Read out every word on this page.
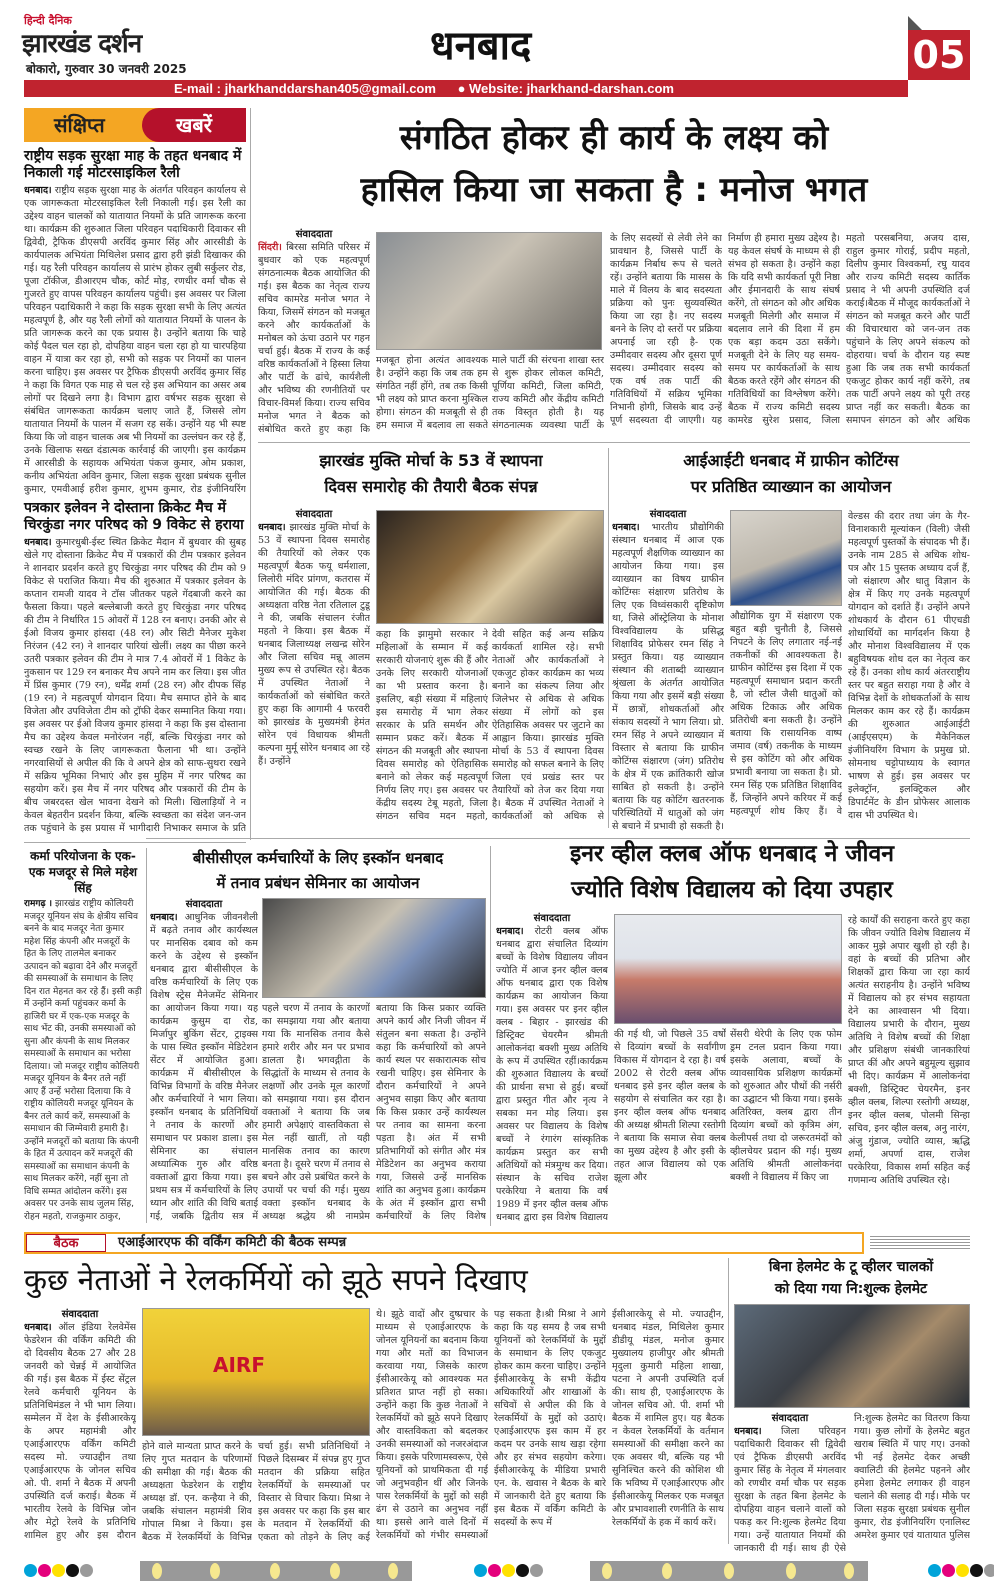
हिन्दी दैनिक
झारखंड दर्शन
बोकारो, गुरुवार 30 जनवरी 2025	धनबाद	05
E-mail : jharkhanddarshan405@gmail.com ● Website: jharkhand-darshan.com
संक्षिप्त	खबरें
राष्ट्रीय सड़क सुरक्षा माह के तहत धनबाद में निकाली गई मोटरसाइकिल रैली
धनबाद। राष्ट्रीय सड़क सुरक्षा माह के अंतर्गत परिवहन कार्यालय से एक जागरूकता मोटरसाइकिल रैली निकाली गई। इस रैली का उद्देश्य वाहन चालकों को यातायात नियमों के प्रति जागरूक करना था। कार्यक्रम की शुरुआत जिला परिवहन पदाधिकारी दिवाकर सी द्विवेदी, ट्रैफिक डीएसपी अरविंद कुमार सिंह और आरसीडी के कार्यपालक अभियंता मिथिलेश प्रसाद द्वारा हरी झंडी दिखाकर की गई। यह रैली परिवहन कार्यालय से प्रारंभ होकर लुबी सर्कुलर रोड, पूजा टॉकीज, डीआरएम चौक, कोर्ट मोड़, रणधीर वर्मा चौक से गुजरते हुए वापस परिवहन कार्यालय पहुंची। इस अवसर पर जिला परिवहन पदाधिकारी ने कहा कि सड़क सुरक्षा सभी के लिए अत्यंत महत्वपूर्ण है, और यह रैली लोगों को यातायात नियमों के पालन के प्रति जागरूक करने का एक प्रयास है। उन्होंने बताया कि चाहे कोई पैदल चल रहा हो, दोपहिया वाहन चला रहा हो या चारपहिया वाहन में यात्रा कर रहा हो, सभी को सड़क पर नियमों का पालन करना चाहिए। इस अवसर पर ट्रैफिक डीएसपी अरविंद कुमार सिंह ने कहा कि विगत एक माह से चल रहे इस अभियान का असर अब लोगों पर दिखने लगा है। विभाग द्वारा वर्षभर सड़क सुरक्षा से संबंधित जागरूकता कार्यक्रम चलाए जाते हैं, जिससे लोग यातायात नियमों के पालन में सजग रह सकें। उन्होंने यह भी स्पष्ट किया कि जो वाहन चालक अब भी नियमों का उल्लंघन कर रहे हैं, उनके खिलाफ सख्त दंडात्मक कार्रवाई की जाएगी। इस कार्यक्रम में आरसीडी के सहायक अभियंता पंकज कुमार, ओम प्रकाश, कनीय अभियंता अविन कुमार, जिला सड़क सुरक्षा प्रबंधक सुनील कुमार, एमवीआई हरीश कुमार, शुभम कुमार, रोड इंजीनियरिंग
पत्रकार इलेवन ने दोस्ताना क्रिकेट मैच में चिरकुंडा नगर परिषद को 9 विकेट से हराया
धनबाद। कुमारधुबी-ईस्ट स्थित क्रिकेट मैदान में बुधवार की सुबह खेले गए दोस्ताना क्रिकेट मैच में पत्रकारों की टीम पत्रकार इलेवन ने शानदार प्रदर्शन करते हुए चिरकुंडा नगर परिषद की टीम को 9 विकेट से पराजित किया। मैच की शुरुआत में पत्रकार इलेवन के कप्तान रामजी यादव ने टॉस जीतकर पहले गेंदबाजी करने का फैसला किया। पहले बल्लेबाजी करते हुए चिरकुंडा नगर परिषद की टीम ने निर्धारित 15 ओवरों में 128 रन बनाए। उनकी ओर से ईओ विजय कुमार हांसदा (48 रन) और सिटी मैनेजर मुकेश निरंजन (42 रन) ने शानदार पारियां खेलीं। लक्ष्य का पीछा करने उतरी पत्रकार इलेवन की टीम ने मात्र 7.4 ओवरों में 1 विकेट के नुकसान पर 129 रन बनाकर मैच अपने नाम कर लिया। इस जीत में प्रिंस कुमार (79 रन), धर्मेंद्र शर्मा (28 रन) और दीपक सिंह (19 रन) ने महत्वपूर्ण योगदान दिया। मैच समाप्त होने के बाद विजेता और उपविजेता टीम को ट्रॉफी देकर सम्मानित किया गया। इस अवसर पर ईओ विजय कुमार हांसदा ने कहा कि इस दोस्ताना मैच का उद्देश्य केवल मनोरंजन नहीं, बल्कि चिरकुंडा नगर को स्वच्छ रखने के लिए जागरूकता फैलाना भी था। उन्होंने नगरवासियों से अपील की कि वे अपने क्षेत्र को साफ-सुथरा रखने में सक्रिय भूमिका निभाएं और इस मुहिम में नगर परिषद का सहयोग करें। इस मैच में नगर परिषद और पत्रकारों की टीम के बीच जबरदस्त खेल भावना देखने को मिली। खिलाड़ियों ने न केवल बेहतरीन प्रदर्शन किया, बल्कि स्वच्छता का संदेश जन-जन तक पहुंचाने के इस प्रयास में भागीदारी निभाकर समाज के प्रति
कर्मा परियोजना के एक-एक मजदूर से मिले महेश सिंह
रामगढ़ । झारखंड राष्ट्रीय कोलियरी मजदूर यूनियन संघ के क्षेत्रीय सचिव बनने के बाद मजदूर नेता कुमार महेश सिंह कंपनी और मजदूरों के हित के लिए तालमेल बनाकर उत्पादन को बढ़ावा देने और मजदूरों की समस्याओं के समाधान के लिए दिन रात मेहनत कर रहे हैं। इसी कड़ी में उन्होंने कर्मा पहुंचकर कर्मा के हाजिरी घर में एक-एक मजदूर के साथ भेंट की, उनकी समस्याओं को सुना और कंपनी के साथ मिलकर समस्याओं के समाधान का भरोसा दिलाया। जो मजदूर राष्ट्रीय कोलियरी मजदूर यूनियन के बैनर तले नहीं आए हैं उन्हें भरोसा दिलाया कि वे राष्ट्रीय कोलियरी मजदूर यूनियन के बैनर तले कार्य करें, समस्याओं के समाधान की जिम्मेवारी हमारी है। उन्होंने मजदूरों को बताया कि कंपनी के हित में उत्पादन करें मजदूरों की समस्याओं का समाधान कंपनी के साथ मिलकर करेंगे, नहीं सुना तो विधि सम्मत आंदोलन करेंगे। इस अवसर पर उनके साथ जुलम सिंह, रोहन महतो, राजकुमार ठाकुर,
संगठित होकर ही कार्य के लक्ष्य को
हासिल किया जा सकता है : मनोज भगत
संवाददाता
सिंदरी। बिरसा समिति परिसर में बुधवार को एक महत्वपूर्ण संगठनात्मक बैठक आयोजित की गई। इस बैठक का नेतृत्व राज्य सचिव कामरेड मनोज भगत ने किया, जिसमें संगठन को मजबूत करने और कार्यकर्ताओं के मनोबल को ऊंचा उठाने पर गहन चर्चा हुई। बैठक में राज्य के कई वरिष्ठ कार्यकर्ताओं ने हिस्सा लिया और पार्टी के ढांचे, कार्यशैली और भविष्य की रणनीतियों पर विचार-विमर्श किया। राज्य सचिव मनोज भगत ने बैठक को संबोधित करते हुए कहा कि
मजबूत होना अत्यंत आवश्यक है। उन्होंने कहा कि जब तक हम संगठित नहीं होंगे, तब तक किसी भी लक्ष्य को प्राप्त करना मुश्किल होगा। संगठन की मजबूती से ही हम समाज में बदलाव ला सकते
माले पार्टी की संरचना शाखा स्तर से शुरू होकर लोकल कमिटी, पूर्णिया कमिटी, जिला कमिटी, राज्य कमिटी और केंद्रीय कमिटी तक विस्तृत होती है। यह संगठनात्मक व्यवस्था पार्टी के
के लिए सदस्यों से लेवी लेने का प्रावधान है, जिससे पार्टी के कार्यक्रम निर्बाध रूप से चलते रहें। उन्होंने बताया कि मासस के माले में विलय के बाद सदस्यता प्रक्रिया को पुनः सुव्यवस्थित किया जा रहा है। नए सदस्य बनने के लिए दो स्तरों पर प्रक्रिया अपनाई जा रही है- एक उम्मीदवार सदस्य और दूसरा पूर्ण सदस्य। उम्मीदवार सदस्य को एक वर्ष तक पार्टी की गतिविधियों में सक्रिय भूमिका निभानी होगी, जिसके बाद उन्हें पूर्ण सदस्यता दी जाएगी। यह
निर्माण ही हमारा मुख्य उद्देश्य है। यह केवल संघर्ष के माध्यम से ही संभव हो सकता है। उन्होंने कहा कि यदि सभी कार्यकर्ता पूरी निष्ठा और ईमानदारी के साथ संघर्ष करेंगे, तो संगठन को और अधिक मजबूती मिलेगी और समाज में बदलाव लाने की दिशा में हम एक बड़ा कदम उठा सकेंगे। मजबूती देने के लिए यह समय-समय पर कार्यकर्ताओं के साथ बैठक करते रहेंगे और संगठन की गतिविधियों का विश्लेषण करेंगे। बैठक में राज्य कमिटी सदस्य कामरेड सुरेश प्रसाद, जिला
महतो परसबनिया, अजय दास, राहुल कुमार गोराई, प्रदीप महतो, दिलीप कुमार विश्वकर्मा, रघु यादव और राज्य कमिटी सदस्य कार्तिक प्रसाद ने भी अपनी उपस्थिति दर्ज कराई।बैठक में मौजूद कार्यकर्ताओं ने संगठन को मजबूत करने और पार्टी की विचारधारा को जन-जन तक पहुंचाने के लिए अपने संकल्प को दोहराया। चर्चा के दौरान यह स्पष्ट हुआ कि जब तक सभी कार्यकर्ता एकजुट होकर कार्य नहीं करेंगे, तब तक पार्टी अपने लक्ष्य को पूरी तरह प्राप्त नहीं कर सकती। बैठक का समापन संगठन को और अधिक
झारखंड मुक्ति मोर्चा के 53 वें स्थापना
दिवस समारोह की तैयारी बैठक संपन्न
संवाददाता
धनबाद। झारखंड मुक्ति मोर्चा के 53 वें स्थापना दिवस समारोह की तैयारियों को लेकर एक महत्वपूर्ण बैठक फयू धर्मशाला, लिलोरी मंदिर प्रांगण, कतरास में आयोजित की गई। बैठक की अध्यक्षता वरिष्ठ नेता रतिलाल टुडू ने की, जबकि संचालन रंजीत महतो ने किया। इस बैठक में धनबाद जिलाध्यक्ष लखन्द्र सोरेन और जिला सचिव मन्नू आलम मुख्य रूप से उपस्थित रहे। बैठक में उपस्थित नेताओं ने कार्यकर्ताओं को संबोधित करते हुए कहा कि आगामी 4 फरवरी को झारखंड के मुख्यमंत्री हेमंत सोरेन एवं विधायक श्रीमती कल्पना मुर्मू सोरेन धनबाद आ रहे हैं। उन्होंने
कहा कि झामुमो सरकार ने महिलाओं के सम्मान में कई सरकारी योजनाएं शुरू की हैं और उनके लिए सरकारी योजनाओं का भी प्रस्ताव करना है। इसलिए, बड़ी संख्या में महिलाएं इस समारोह में भाग लेकर सरकार के प्रति समर्थन और सम्मान प्रकट करें। बैठक में संगठन की मजबूती और स्थापना दिवस समारोह को ऐतिहासिक बनाने को लेकर कई महत्वपूर्ण निर्णय लिए गए। इस अवसर पर केंद्रीय सदस्य टेबू महतो, जिला संगठन सचिव मदन महतो,
देवी सहित कई अन्य सक्रिय कार्यकर्ता शामिल रहे। सभी नेताओं और कार्यकर्ताओं ने एकजुट होकर कार्यक्रम का भव्य बनाने का संकल्प लिया और जिलेभर से अधिक से अधिक संख्या में लोगों को इस ऐतिहासिक अवसर पर जुटाने का आह्वान किया। झारखंड मुक्ति मोर्चा के 53 वें स्थापना दिवस समारोह को सफल बनाने के लिए जिला एवं प्रखंड स्तर पर तैयारियों को तेज कर दिया गया है। बैठक में उपस्थित नेताओं ने कार्यकर्ताओं को अधिक से
आईआईटी धनबाद में ग्राफीन कोटिंग्स
पर प्रतिष्ठित व्याख्यान का आयोजन
संवाददाता
धनबाद। भारतीय प्रौद्योगिकी संस्थान धनबाद में आज एक महत्वपूर्ण शैक्षणिक व्याख्यान का आयोजन किया गया। इस व्याख्यान का विषय ग्राफीन कोटिंग्सः संक्षारण प्रतिरोध के लिए एक विध्वंसकारी दृष्टिकोण था, जिसे ऑस्ट्रेलिया के मोनाश विश्वविद्यालय के प्रसिद्ध शिक्षाविद प्रोफेसर रमन सिंह ने प्रस्तुत किया। यह व्याख्यान संस्थान की शताब्दी व्याख्यान श्रृंखला के अंतर्गत आयोजित किया गया और इसमें बड़ी संख्या में छात्रों, शोधकर्ताओं और संकाय सदस्यों ने भाग लिया। प्रो. रमन सिंह ने अपने व्याख्यान में विस्तार से बताया कि ग्राफीन कोटिंग्स संक्षारण (जंग) प्रतिरोध के क्षेत्र में एक क्रांतिकारी खोज साबित हो सकती है। उन्होंने बताया कि यह कोटिंग खतरनाक परिस्थितियों में धातुओं को जंग से बचाने में प्रभावी हो सकती है।
औद्योगिक युग में संक्षारण एक बहुत बड़ी चुनौती है, जिससे निपटने के लिए लगातार नई-नई तकनीकों की आवश्यकता है। ग्राफीन कोटिंग्स इस दिशा में एक महत्वपूर्ण समाधान प्रदान करती है, जो स्टील जैसी धातुओं को अधिक टिकाऊ और अधिक प्रतिरोधी बना सकती है। उन्होंने बताया कि रासायनिक वाष्प जमाव (वर्ष) तकनीक के माध्यम से इस कोटिंग को और अधिक प्रभावी बनाया जा सकता है। प्रो. रमन सिंह एक प्रतिष्ठित शिक्षाविद हैं, जिन्होंने अपने करियर में कई महत्वपूर्ण शोध किए हैं। वे
वेल्डस की दरार तथा जंग के गैर-विनाशकारी मूल्यांकन (विली) जैसी महत्वपूर्ण पुस्तकों के संपादक भी हैं। उनके नाम 285 से अधिक शोध-पत्र और 15 पुस्तक अध्याय दर्ज हैं, जो संक्षारण और धातु विज्ञान के क्षेत्र में किए गए उनके महत्वपूर्ण योगदान को दर्शाते हैं। उन्होंने अपने शोधकार्य के दौरान 61 पीएचडी शोधार्थियों का मार्गदर्शन किया है और मोनाश विश्वविद्यालय में एक बहुविषयक शोध दल का नेतृत्व कर रहे हैं। उनका शोध कार्य अंतरराष्ट्रीय स्तर पर बहुत सराहा गया है और वे विभिन्न देशों के शोधकर्ताओं के साथ मिलकर काम कर रहे हैं। कार्यक्रम की शुरुआत आईआईटी (आईएसएम) के मैकेनिकल इंजीनियरिंग विभाग के प्रमुख प्रो. सोमनाथ चट्टोपाध्याय के स्वागत भाषण से हुई। इस अवसर पर इलेक्ट्रॉन, इलक्ट्रिकल और डिपार्टमेंट के डीन प्रोफेसर आलाक दास भी उपस्थित थे।
बीसीसीएल कर्मचारियों के लिए इस्कॉन धनबाद
में तनाव प्रबंधन सेमिनार का आयोजन
संवाददाता
धनबाद। आधुनिक जीवनशैली में बढ़ते तनाव और कार्यस्थल पर मानसिक दबाव को कम करने के उद्देश्य से इस्कॉन धनबाद द्वारा बीसीसीएल के वरिष्ठ कर्मचारियों के लिए एक विशेष स्ट्रेस मैनेजमेंट सेमिनार का आयोजन किया गया। यह कार्यक्रम कुसुम दा रोड, मिर्जापुर बुकिंग सेंटर, ट्राइक्स के पास स्थित इस्कॉन मेडिटेशन सेंटर में आयोजित हुआ। कार्यक्रम में बीसीसीएल के विभिन्न विभागों के वरिष्ठ मैनेजर और कर्मचारियों ने भाग लिया। इस्कॉन धनबाद के प्रतिनिधियों ने तनाव के कारणों और समाधान पर प्रकाश डाला। इस सेमिनार का संचालन अध्यात्मिक गुरु और वरिष्ठ वक्ताओं द्वारा किया गया। इस प्रथम सत्र में कर्मचारियों के लिए ध्यान और शांति की विधि बताई गई, जबकि द्वितीय सत्र में
पहले चरण में तनाव के कारणों का समझाया गया और बताया गया कि मानसिक तनाव कैसे हमारे शरीर और मन पर प्रभाव डालता है। भगवद्गीता के सिद्धांतों के माध्यम से तनाव के लक्षणों और उनके मूल कारणों को समझाया गया। इस दौरान वक्ताओं ने बताया कि जब हमारी अपेक्षाएं वास्तविकता से मेल नहीं खातीं, तो यही मानसिक तनाव का कारण बनता है। दूसरे चरण में तनाव से बचने और उसे प्रबंधित करने के उपायों पर चर्चा की गई। मुख्य वक्ता इस्कॉन धनबाद के अध्यक्ष श्रद्धेय श्री नामप्रेम
बताया कि किस प्रकार व्यक्ति अपने कार्य और निजी जीवन में संतुलन बना सकता है। उन्होंने कहा कि कर्मचारियों को अपने कार्य स्थल पर सकारात्मक सोच रखनी चाहिए। इस सेमिनार के दौरान कर्मचारियों ने अपने अनुभव साझा किए और बताया कि किस प्रकार उन्हें कार्यस्थल पर तनाव का सामना करना पड़ता है। अंत में सभी प्रतिभागियों को संगीत और मंत्र मेडिटेशन का अनुभव कराया गया, जिससे उन्हें मानसिक शांति का अनुभव हुआ। कार्यक्रम के अंत में इस्कॉन द्वारा सभी कर्मचारियों के लिए विशेष
इनर व्हील क्लब ऑफ धनबाद ने जीवन
ज्योति विशेष विद्यालय को दिया उपहार
संवाददाता
धनबाद। रोटरी क्लब ऑफ धनबाद द्वारा संचालित दिव्यांग बच्चों के विशेष विद्यालय जीवन ज्योति में आज इनर व्हील क्लब ऑफ धनबाद द्वारा एक विशेष कार्यक्रम का आयोजन किया गया। इस अवसर पर इनर व्हील क्लब - बिहार - झारखंड की डिस्ट्रिक्ट चेयरमैन श्रीमती आलोकनंदा बक्शी मुख्य अतिथि के रूप में उपस्थित रहीं।कार्यक्रम की शुरुआत विद्यालय के बच्चों की प्रार्थना सभा से हुई। बच्चों द्वारा प्रस्तुत गीत और नृत्य ने सबका मन मोह लिया। इस अवसर पर विद्यालय के विशेष बच्चों ने रंगारंग सांस्कृतिक कार्यक्रम प्रस्तुत कर सभी अतिथियों को मंत्रमुग्ध कर दिया। संस्थान के सचिव राजेश परकेरिया ने बताया कि वर्ष 1989 में इनर व्हील क्लब ऑफ धनबाद द्वारा इस विशेष विद्यालय
की गई थी, जो पिछले 35 वर्षों से दिव्यांग बच्चों के सर्वांगीण विकास में योगदान दे रहा है। वर्ष 2002 से रोटरी क्लब ऑफ धनबाद इसे इनर व्हील क्लब के सहयोग से संचालित कर रहा है। इनर व्हील क्लब ऑफ धनबाद की अध्यक्ष श्रीमती शिल्पा रस्तोगी ने बताया कि समाज सेवा क्लब का मुख्य उद्देश्य है और इसी के तहत आज विद्यालय को एक झूला और
सेंसरी थेरेपी के लिए एक फोम ड्रम टनल प्रदान किया गया। इसके अलावा, बच्चों के व्यावसायिक प्रशिक्षण कार्यक्रमों को शुरुआत और पौधों की नर्सरी का उद्घाटन भी किया गया। इसके अतिरिक्त, क्लब द्वारा तीन दिव्यांग बच्चों को कृत्रिम अंग, केलीपर्स तथा दो जरूरतमंदों को व्हीलचेयर प्रदान की गई। मुख्य अतिथि श्रीमती आलोकनंदा बक्शी ने विद्यालय में किए जा
रहे कार्यों की सराहना करते हुए कहा कि जीवन ज्योति विशेष विद्यालय में आकर मुझे अपार खुशी हो रही है। वहां के बच्चों की प्रतिभा और शिक्षकों द्वारा किया जा रहा कार्य अत्यंत सराहनीय है। उन्होंने भविष्य में विद्यालय को हर संभव सहायता देने का आश्वासन भी दिया। विद्यालय प्रभारी के दौरान, मुख्य अतिथि ने विशेष बच्चों की शिक्षा और प्रशिक्षण संबंधी जानकारियां प्राप्त कीं और अपने बहुमूल्य सुझाव भी दिए। कार्यक्रम में आलोकनंदा बक्शी, डिस्ट्रिक्ट चेयरमैन, इनर व्हील क्लब, शिल्पा रस्तोगी अध्यक्ष, इनर व्हील क्लब, पोलमी सिन्हा सचिव, इनर व्हील क्लब, अनु नारंग, अंजु गुंडाज, ज्योति व्यास, ऋद्धि शर्मा, अपर्णा दास, राजेश परकेरिया, विकास शर्मा सहित कई गणमान्य अतिथि उपस्थित रहे।
बैठक	एआईआरएफ की वर्किंग कमिटी की बैठक सम्पन्न
कुछ नेताओं ने रेलकर्मियों को झूठे सपने दिखाए
संवाददाता
धनबाद। ऑल इंडिया रेलवेमेंस फेडरेशन की वर्किंग कमिटी की दो दिवसीय बैठक 27 और 28 जनवरी को चेन्नई में आयोजित की गई। इस बैठक में ईस्ट सेंट्रल रेलवे कर्मचारी यूनियन के प्रतिनिधिमंडल ने भी भाग लिया। सम्मेलन में देश के ईसीआरकेयू के अपर महामंत्री और एआईआरएफ वर्किंग कमिटी सदस्य मो. ज्याउद्दीन तथा एआईआरएफ के जोनल सचिव ओ. पी. शर्मा ने बैठक में अपनी उपस्थिति दर्ज कराई। बैठक में भारतीय रेलवे के विभिन्न जोन और मेट्रो रेलवे के प्रतिनिधि शामिल हुए और इस दौरान
AIRF
होने वाले मान्यता प्राप्त करने के लिए गुप्त मतदान के परिणामों की समीक्षा की गई। बैठक की अध्यक्षता फेडरेशन के राष्ट्रीय अध्यक्ष डॉ. एन. कन्हैया ने की, जबकि संचालन महामंत्री शिव गोपाल मिश्रा ने किया। इस बैठक में रेलकर्मियों के विभिन्न
चर्चा हुई। सभी प्रतिनिधियों ने पिछले दिसम्बर में संपन्न हुए गुप्त मतदान की प्रक्रिया सहित रेलकर्मियों के समस्याओं पर विस्तार से विचार किया। मिश्रा ने इस अवसर पर कहा कि इस बार के मतदान में रेलकर्मियों की एकता को तोड़ने के लिए कई
थे। झूठे वादों और दुष्प्रचार के माध्यम से एआईआरएफ के जोनल यूनियनों का बदनाम किया गया और मतों का विभाजन करवाया गया, जिसके कारण ईसीआरकेयू को आवश्यक मत प्रतिशत प्राप्त नहीं हो सका। उन्होंने कहा कि कुछ नेताओं ने रेलकर्मियों को झूठे सपने दिखाए और वास्तविकता को बदलकर उनकी समस्याओं को नजरअंदाज किया। इसके परिणामस्वरूप, ऐसे यूनियनों को प्राथमिकता दी गई जो अनुभवहीन थीं और जिनके पास रेलकर्मियों के मुद्दों को सही ढंग से उठाने का अनुभव नहीं था। इससे आने वाले दिनों में रेलकर्मियों को गंभीर समस्याओं
पड़ सकता है।श्री मिश्रा ने आगे कहा कि यह समय है जब सभी यूनियनों को रेलकर्मियों के मुद्दों के समाधान के लिए एकजुट होकर काम करना चाहिए। उन्होंने ईसीआरकेयू के सभी केंद्रीय अधिकारियों और शाखाओं के सचिवों से अपील की कि वे रेलकर्मियों के मुद्दों को उठाएं। एआईआरएफ इस काम में हर कदम पर उनके साथ खड़ा रहेगा और हर संभव सहयोग करेगा। ईसीआरकेयू के मीडिया प्रभारी एन. के. खवास ने बैठक के बारे में जानकारी देते हुए बताया कि इस बैठक में वर्किंग कमिटी के सदस्यों के रूप में
ईसीआरकेयू से मो. ज्याउद्दीन, धनबाद मंडल, मिथिलेश कुमार डीडीयू मंडल, मनोज कुमार मुख्यालय हाजीपुर और श्रीमती मृदुला कुमारी महिला शाखा, पटना ने अपनी उपस्थिति दर्ज की। साथ ही, एआईआरएफ के जोनल सचिव ओ. पी. शर्मा भी बैठक में शामिल हुए। यह बैठक न केवल रेलकर्मियों के वर्तमान समस्याओं की समीक्षा करने का एक अवसर थी, बल्कि यह भी सुनिश्चित करने की कोशिश थी कि भविष्य में एआईआरएफ और ईसीआरकेयू मिलकर एक मजबूत और प्रभावशाली रणनीति के साथ रेलकर्मियों के हक में कार्य करें।
बिना हेलमेट के टू व्हीलर चालकों
को दिया गया नि:शुल्क हेलमेट
संवाददाता
धनबाद। जिला परिवहन पदाधिकारी दिवाकर सी द्विवेदी एवं ट्रैफिक डीएसपी अरविंद कुमार सिंह के नेतृत्व में मंगलवार को रणधीर वर्मा चौक पर सड़क सुरक्षा के तहत बिना हेलमेट के दोपहिया वाहन चलाने वालों को पकड़ कर नि:शुल्क हेलमेट दिया गया। उन्हें यातायात नियमों की जानकारी दी गई। साथ ही ऐसे
नि:शुल्क हेलमेट का वितरण किया गया। कुछ लोगों के हेलमेट बहुत खराब स्थिति में पाए गए। उनको भी नई हेलमेट देकर अच्छी क्वालिटी की हेलमेट पहनने और हमेशा हेलमेट लगाकर ही वाहन चलाने की सलाह दी गई। मौके पर जिला सड़क सुरक्षा प्रबंधक सुनील कुमार, रोड इंजीनियरिंग एनालिस्ट अमरेश कुमार एवं यातायात पुलिस
